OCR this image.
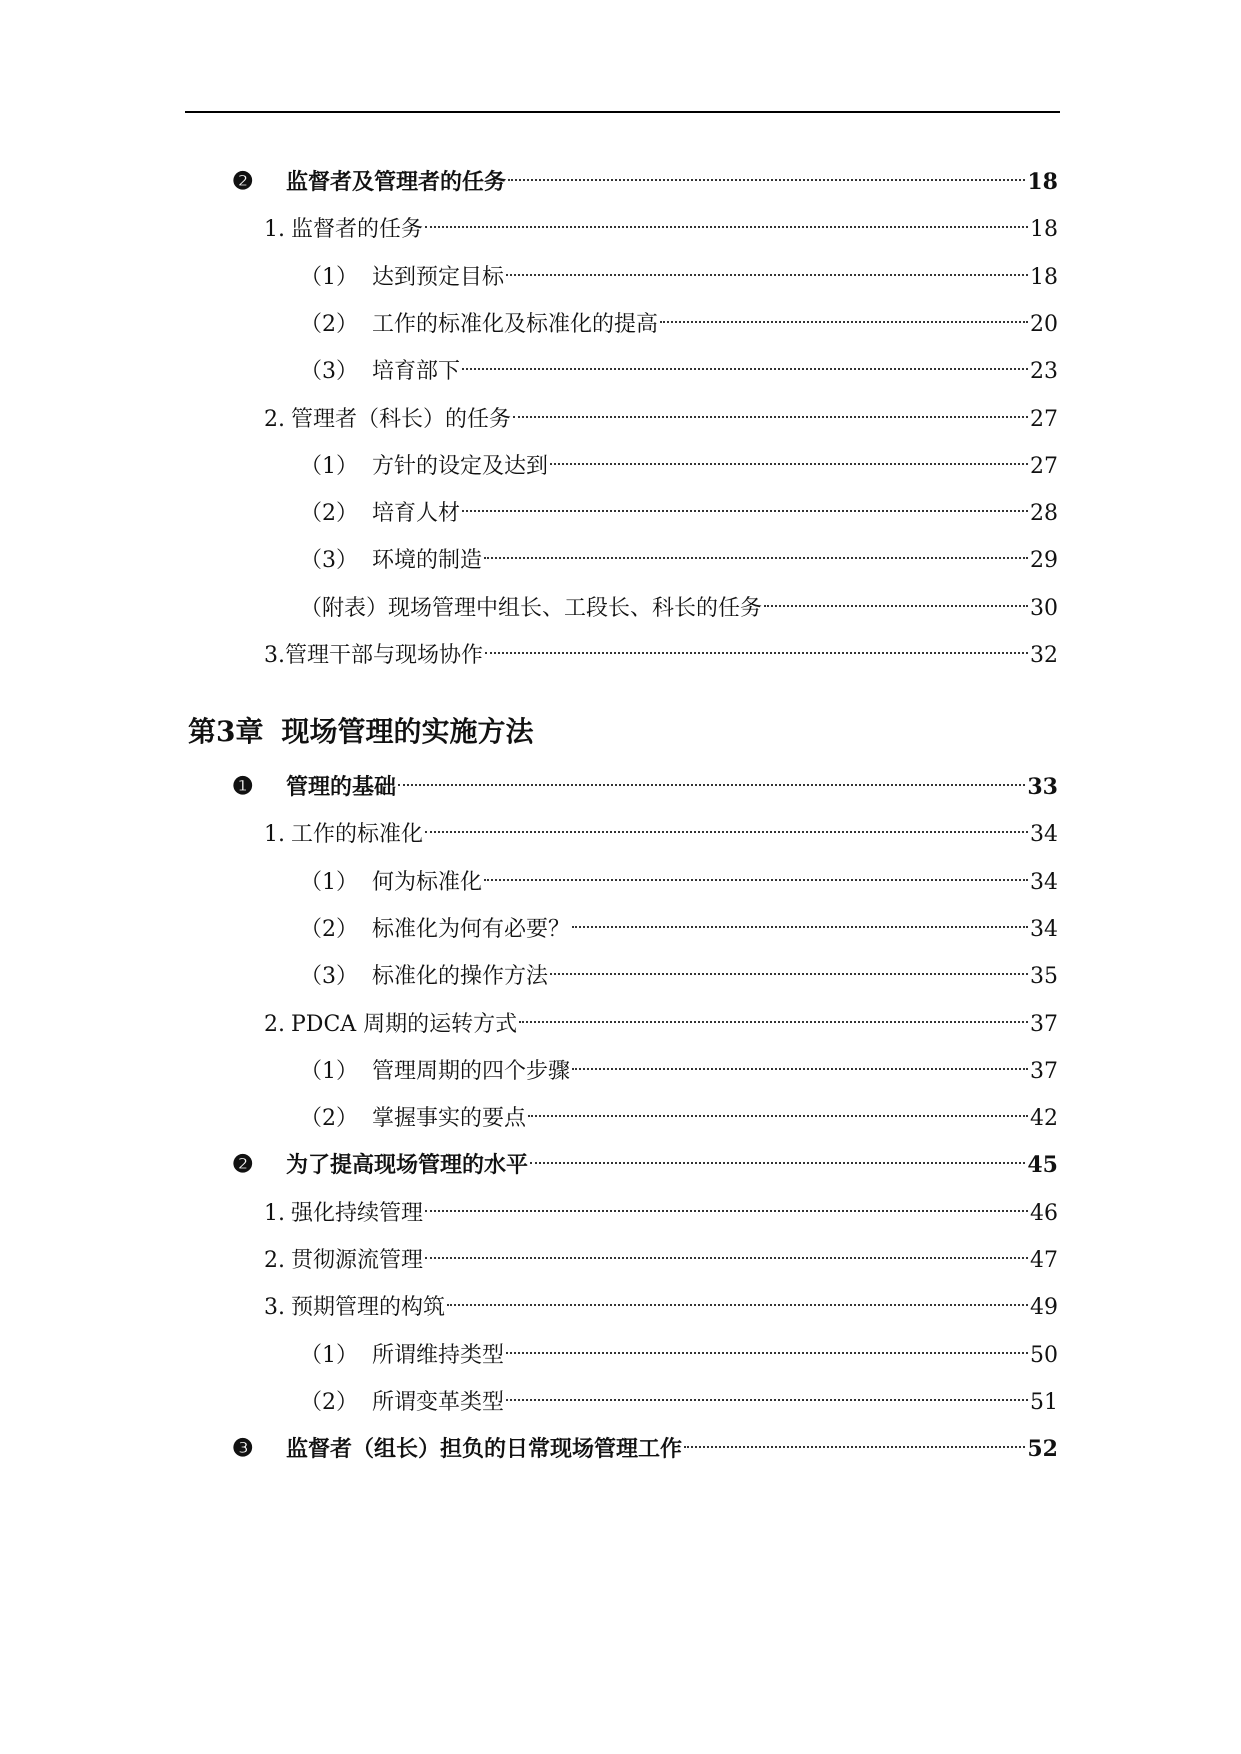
第3章 现场管理的实施方法
❷	监督者及管理者的任务	18
1. 监督者的任务	18
（1） 达到预定目标	18
（2） 工作的标准化及标准化的提高	20
（3） 培育部下	23
2. 管理者（科长）的任务	27
（1） 方针的设定及达到	27
（2） 培育人材	28
（3） 环境的制造	29
（附表）现场管理中组长、工段长、科长的任务	30
3.管理干部与现场协作	32
❶	管理的基础	33
1. 工作的标准化	34
（1） 何为标准化	34
（2） 标准化为何有必要？	34
（3） 标准化的操作方法	35
2. PDCA 周期的运转方式	37
（1） 管理周期的四个步骤	37
（2） 掌握事实的要点	42
❷	为了提高现场管理的水平	45
1. 强化持续管理	46
2. 贯彻源流管理	47
3. 预期管理的构筑	49
（1） 所谓维持类型	50
（2） 所谓变革类型	51
❸	监督者（组长）担负的日常现场管理工作	52
